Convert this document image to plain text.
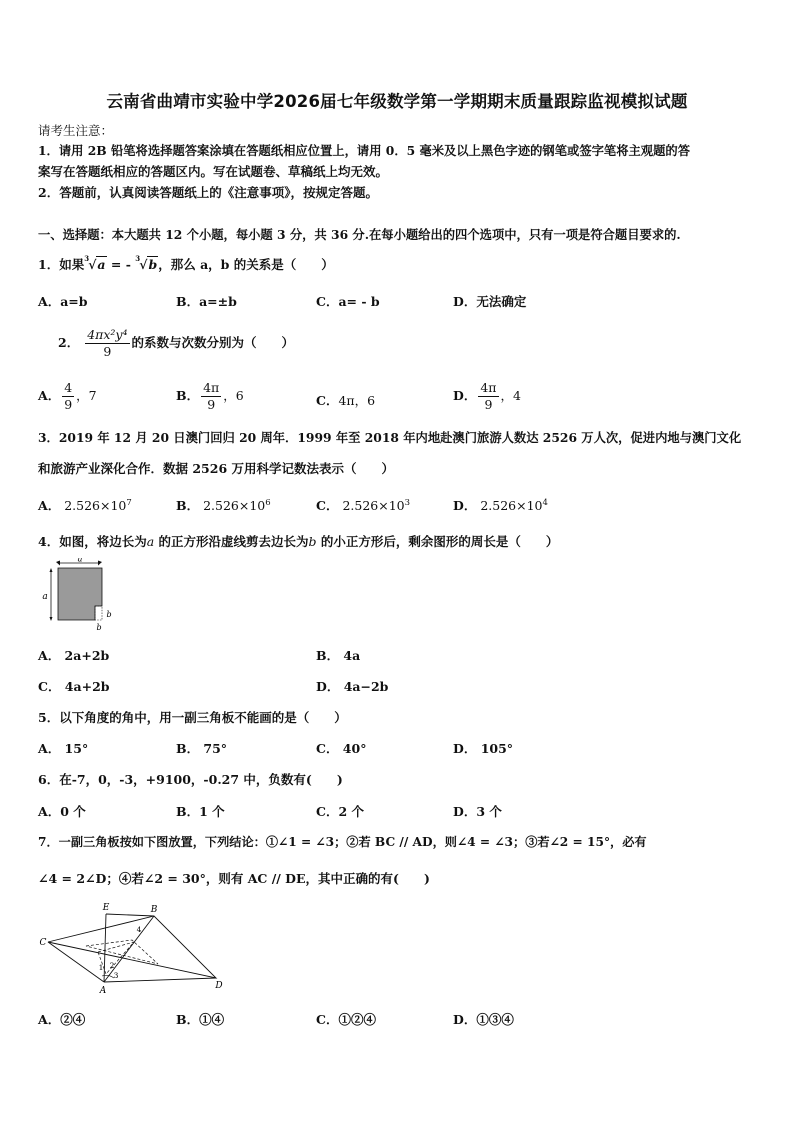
云南省曲靖市实验中学2026届七年级数学第一学期期末质量跟踪监视模拟试题
请考生注意：
1．请用 2B 铅笔将选择题答案涂填在答题纸相应位置上，请用 0．5 毫米及以上黑色字迹的钢笔或签字笔将主观题的答
案写在答题纸相应的答题区内。写在试题卷、草稿纸上均无效。
2．答题前，认真阅读答题纸上的《注意事项》，按规定答题。
一、选择题：本大题共 12 个小题，每小题 3 分，共 36 分.在每小题给出的四个选项中，只有一项是符合题目要求的.
1．如果 3 √a = - 3 √b，那么 a，b 的关系是（　　）
A．a=b	B．a=±b	C．a= - b	D．无法确定
2． $\frac{\text{4πx²y⁴}}{9}$ 的系数与次数分别为（　　）
A． $\frac{4}{9}$ ，7	B． $\frac{4\pi}{9}$ ，6	C．4π，6	D． $\frac{4\pi}{9}$ ，4
3．2019 年 12 月 20 日澳门回归 20 周年．1999 年至 2018 年内地赴澳门旅游人数达 2526 万人次，促进内地与澳门文化
和旅游产业深化合作．数据 2526 万用科学记数法表示（　　）
A． $2.526\times 10^7$	B． $2.526\times 10^6$	C． $2.526\times 10^3$	D． $2.526\times 10^4$
4．如图，将边长为a 的正方形沿虚线剪去边长为b 的小正方形后，剩余图形的周长是（　　）
a
a
b
b
A． 2a+2b	B． 4a
C． 4a+2b	D． 4a−2b
5．以下角度的角中，用一副三角板不能画的是（　　）
A． 15°	B． 75°	C． 40°	D． 105°
6．在-7，0，-3，+9100，-0.27 中，负数有(　　)
A．0 个	B．1 个	C．2 个	D．3 个
7．一副三角板按如下图放置，下列结论：①∠1 = ∠3；②若 BC // AD，则∠4 = ∠3；③若∠2 = 15°，必有
∠4 = 2∠D；④若∠2 = 30°，则有 AC // DE，其中正确的有(　　)
E	B
C
D
A
1 2
3
4
A．②④	B．①④	C．①②④	D．①③④
